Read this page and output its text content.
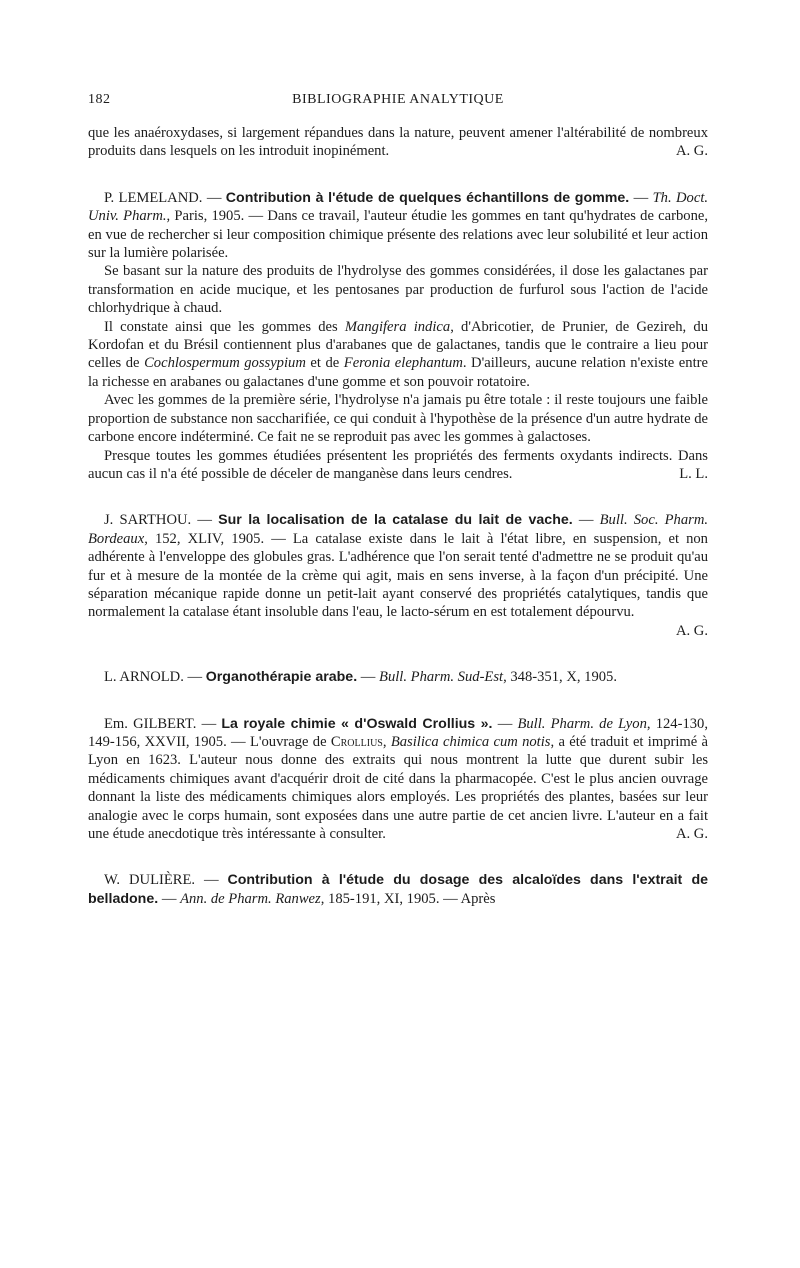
182	BIBLIOGRAPHIE ANALYTIQUE

que les anaéroxydases, si largement répandues dans la nature, peuvent amener l'altérabilité de nombreux produits dans lesquels on les introduit inopinément.	A. G.

P. LEMELAND. — Contribution à l'étude de quelques échantillons de gomme. — Th. Doct. Univ. Pharm., Paris, 1905. — Dans ce travail, l'auteur étudie les gommes en tant qu'hydrates de carbone, en vue de rechercher si leur composition chimique présente des relations avec leur solubilité et leur action sur la lumière polarisée.

Se basant sur la nature des produits de l'hydrolyse des gommes considérées, il dose les galactanes par transformation en acide mucique, et les pentosanes par production de furfurol sous l'action de l'acide chlorhydrique à chaud.

Il constate ainsi que les gommes des Mangifera indica, d'Abricotier, de Prunier, de Gezireh, du Kordofan et du Brésil contiennent plus d'arabanes que de galactanes, tandis que le contraire a lieu pour celles de Cochlospermum gossypium et de Feronia elephantum. D'ailleurs, aucune relation n'existe entre la richesse en arabanes ou galactanes d'une gomme et son pouvoir rotatoire.

Avec les gommes de la première série, l'hydrolyse n'a jamais pu être totale : il reste toujours une faible proportion de substance non saccharifiée, ce qui conduit à l'hypothèse de la présence d'un autre hydrate de carbone encore indéterminé. Ce fait ne se reproduit pas avec les gommes à galactoses.

Presque toutes les gommes étudiées présentent les propriétés des ferments oxydants indirects. Dans aucun cas il n'a été possible de déceler de manganèse dans leurs cendres.	L. L.

J. SARTHOU. — Sur la localisation de la catalase du lait de vache. — Bull. Soc. Pharm. Bordeaux, 152, XLIV, 1905. — La catalase existe dans le lait à l'état libre, en suspension, et non adhérente à l'enveloppe des globules gras. L'adhérence que l'on serait tenté d'admettre ne se produit qu'au fur et à mesure de la montée de la crème qui agit, mais en sens inverse, à la façon d'un précipité. Une séparation mécanique rapide donne un petit-lait ayant conservé des propriétés catalytiques, tandis que normalement la catalase étant insoluble dans l'eau, le lacto-sérum en est totalement dépourvu.

A. G.

L. ARNOLD. — Organothérapie arabe. — Bull. Pharm. Sud-Est, 348-351, X, 1905.

Em. GILBERT. — La royale chimie « d'Oswald Crollius ». — Bull. Pharm. de Lyon, 124-130, 149-156, XXVII, 1905. — L'ouvrage de Crollius, Basilica chimica cum notis, a été traduit et imprimé à Lyon en 1623. L'auteur nous donne des extraits qui nous montrent la lutte que durent subir les médicaments chimiques avant d'acquérir droit de cité dans la pharmacopée. C'est le plus ancien ouvrage donnant la liste des médicaments chimiques alors employés. Les propriétés des plantes, basées sur leur analogie avec le corps humain, sont exposées dans une autre partie de cet ancien livre. L'auteur en a fait une étude anecdotique très intéressante à consulter.	A. G.

W. DULIÈRE. — Contribution à l'étude du dosage des alcaloïdes dans l'extrait de belladone. — Ann. de Pharm. Ranwez, 185-191, XI, 1905. — Après
